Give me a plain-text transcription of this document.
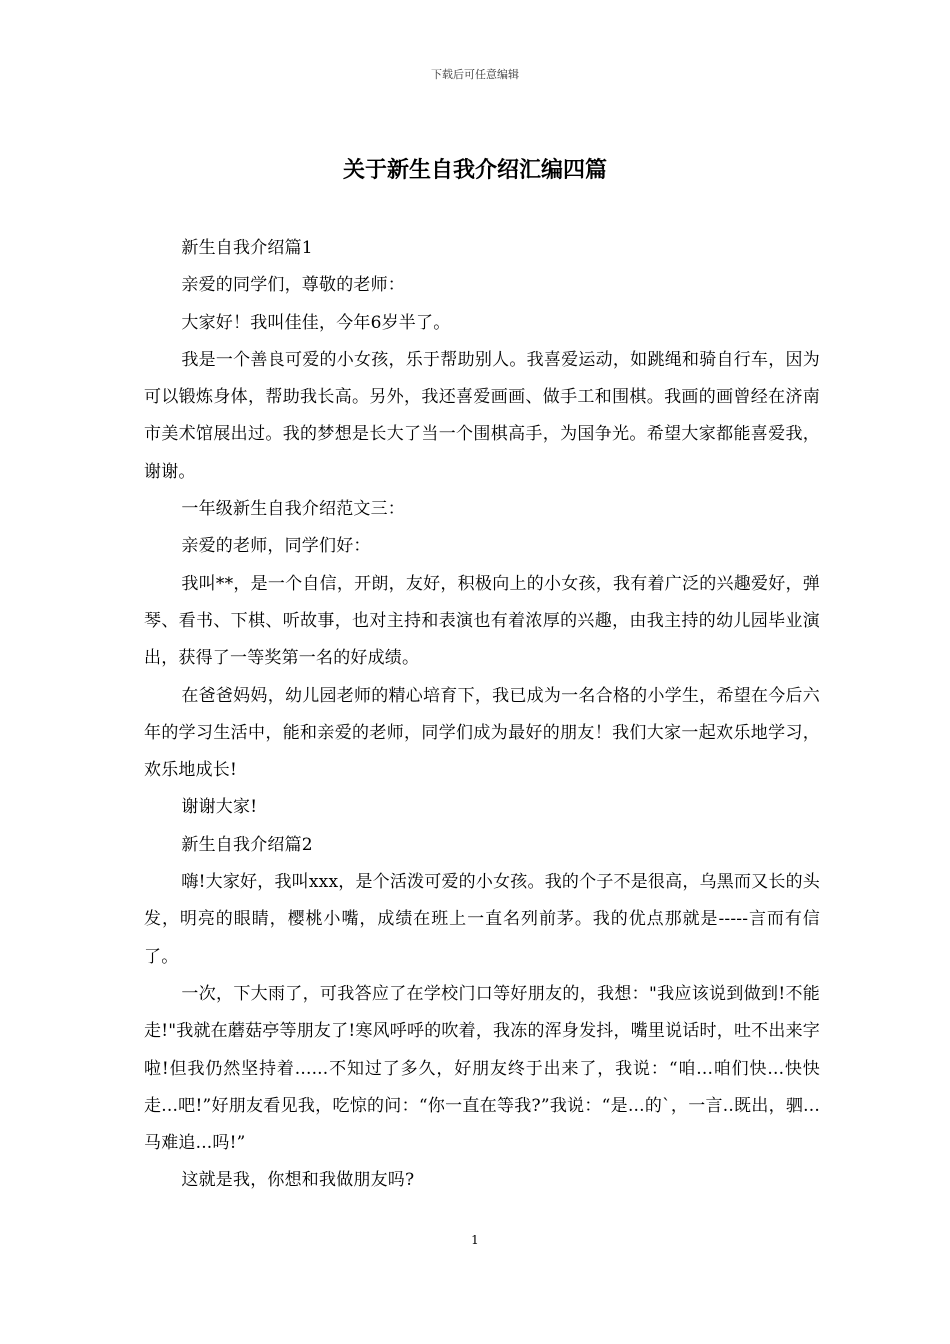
下载后可任意编辑
关于新生自我介绍汇编四篇

新生自我介绍篇1

亲爱的同学们，尊敬的老师：

大家好！我叫佳佳，今年6岁半了。

我是一个善良可爱的小女孩，乐于帮助别人。我喜爱运动，如跳绳和骑自行车，因为可以锻炼身体，帮助我长高。另外，我还喜爱画画、做手工和围棋。我画的画曾经在济南市美术馆展出过。我的梦想是长大了当一个围棋高手，为国争光。希望大家都能喜爱我，谢谢。

一年级新生自我介绍范文三：

亲爱的老师，同学们好：

我叫**，是一个自信，开朗，友好，积极向上的小女孩，我有着广泛的兴趣爱好，弹琴、看书、下棋、听故事，也对主持和表演也有着浓厚的兴趣，由我主持的幼儿园毕业演出，获得了一等奖第一名的好成绩。

在爸爸妈妈，幼儿园老师的精心培育下，我已成为一名合格的小学生，希望在今后六年的学习生活中，能和亲爱的老师，同学们成为最好的朋友！我们大家一起欢乐地学习，欢乐地成长!

谢谢大家!

新生自我介绍篇2

嗨!大家好，我叫xxx，是个活泼可爱的小女孩。我的个子不是很高，乌黑而又长的头发，明亮的眼睛，樱桃小嘴，成绩在班上一直名列前茅。我的优点那就是-----言而有信了。

一次，下大雨了，可我答应了在学校门口等好朋友的，我想："我应该说到做到!不能走!"我就在蘑菇亭等朋友了!寒风呼呼的吹着，我冻的浑身发抖，嘴里说话时，吐不出来字啦!但我仍然坚持着......不知过了多久，好朋友终于出来了，我说：“咱...咱们快...快快走...吧!”好朋友看见我，吃惊的问：“你一直在等我?”我说：“是...的`，一言..既出，驷...马难追...吗!”

这就是我，你想和我做朋友吗?

1
